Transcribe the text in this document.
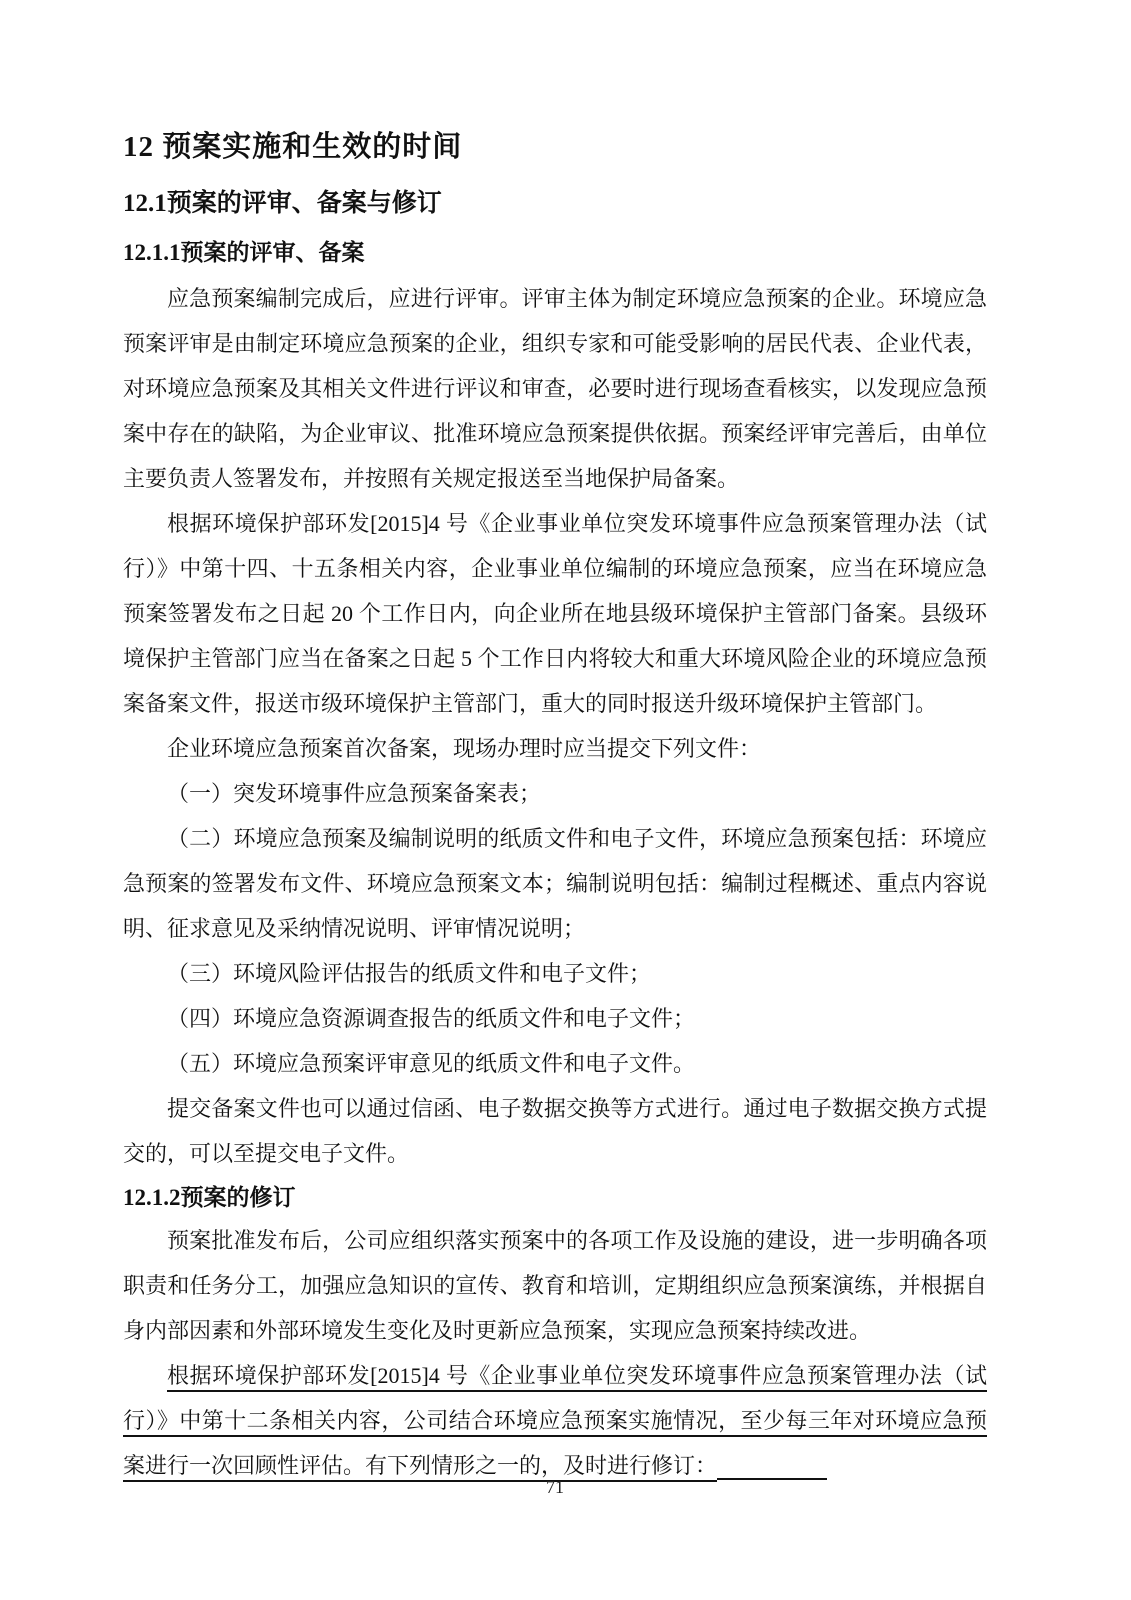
12 预案实施和生效的时间
12.1预案的评审、备案与修订
12.1.1预案的评审、备案

应急预案编制完成后，应进行评审。评审主体为制定环境应急预案的企业。环境应急预案评审是由制定环境应急预案的企业，组织专家和可能受影响的居民代表、企业代表，对环境应急预案及其相关文件进行评议和审查，必要时进行现场查看核实，以发现应急预案中存在的缺陷，为企业审议、批准环境应急预案提供依据。预案经评审完善后，由单位主要负责人签署发布，并按照有关规定报送至当地保护局备案。

根据环境保护部环发[2015]4 号《企业事业单位突发环境事件应急预案管理办法（试行）》中第十四、十五条相关内容，企业事业单位编制的环境应急预案，应当在环境应急预案签署发布之日起 20 个工作日内，向企业所在地县级环境保护主管部门备案。县级环境保护主管部门应当在备案之日起 5 个工作日内将较大和重大环境风险企业的环境应急预案备案文件，报送市级环境保护主管部门，重大的同时报送升级环境保护主管部门。

企业环境应急预案首次备案，现场办理时应当提交下列文件：

（一）突发环境事件应急预案备案表；

（二）环境应急预案及编制说明的纸质文件和电子文件，环境应急预案包括：环境应急预案的签署发布文件、环境应急预案文本；编制说明包括：编制过程概述、重点内容说明、征求意见及采纳情况说明、评审情况说明；

（三）环境风险评估报告的纸质文件和电子文件；

（四）环境应急资源调查报告的纸质文件和电子文件；

（五）环境应急预案评审意见的纸质文件和电子文件。

提交备案文件也可以通过信函、电子数据交换等方式进行。通过电子数据交换方式提交的，可以至提交电子文件。

12.1.2预案的修订

预案批准发布后，公司应组织落实预案中的各项工作及设施的建设，进一步明确各项职责和任务分工，加强应急知识的宣传、教育和培训，定期组织应急预案演练，并根据自身内部因素和外部环境发生变化及时更新应急预案，实现应急预案持续改进。

根据环境保护部环发[2015]4 号《企业事业单位突发环境事件应急预案管理办法（试行）》中第十二条相关内容，公司结合环境应急预案实施情况，至少每三年对环境应急预案进行一次回顾性评估。有下列情形之一的，及时进行修订：

71
